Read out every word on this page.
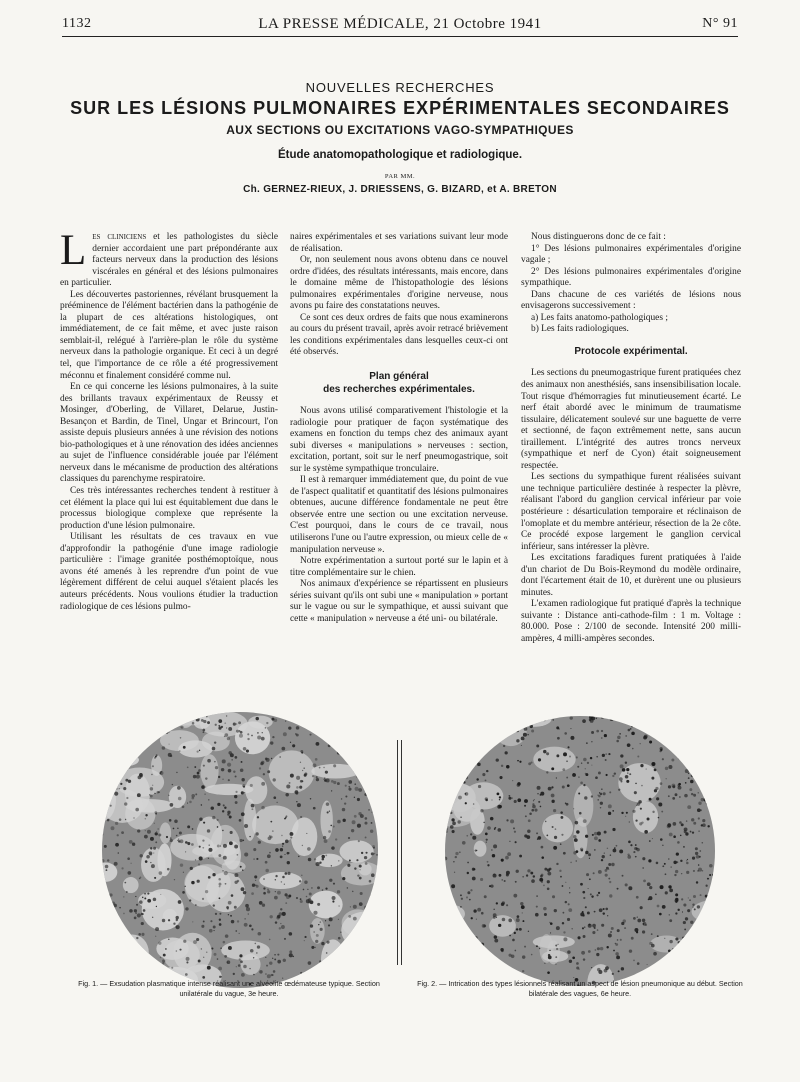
1132	LA PRESSE MÉDICALE, 21 Octobre 1941	N° 91

NOUVELLES RECHERCHES

SUR LES LÉSIONS PULMONAIRES EXPÉRIMENTALES SECONDAIRES

AUX SECTIONS OU EXCITATIONS VAGO-SYMPATHIQUES

Étude anatomopathologique et radiologique.

PAR MM.

Ch. GERNEZ-RIEUX, J. DRIESSENS, G. BIZARD, et A. BRETON

Les cliniciens et les pathologistes du siècle dernier accordaient une part prépondérante aux facteurs nerveux dans la production des lésions viscérales en général et des lésions pulmonaires en particulier.

Les découvertes pastoriennes, révélant brusquement la prééminence de l'élément bactérien dans la pathogénie de la plupart de ces altérations histologiques, ont immédiatement, de ce fait même, et avec juste raison semblait-il, relégué à l'arrière-plan le rôle du système nerveux dans la pathologie organique. Et ceci à un degré tel, que l'importance de ce rôle a été progressivement méconnu et finalement considéré comme nul.

En ce qui concerne les lésions pulmonaires, à la suite des brillants travaux expérimentaux de Reussy et Mosinger, d'Oberling, de Villaret, Delarue, Justin-Besançon et Bardin, de Tinel, Ungar et Brincourt, l'on assiste depuis plusieurs années à une révision des notions bio-pathologiques et à une rénovation des idées anciennes au sujet de l'influence considérable jouée par l'élément nerveux dans le mécanisme de production des altérations classiques du parenchyme respiratoire.

Ces très intéressantes recherches tendent à restituer à cet élément la place qui lui est équitablement due dans le processus biologique complexe que représente la production d'une lésion pulmonaire.

Utilisant les résultats de ces travaux en vue d'approfondir la pathogénie d'une image radiologie particulière : l'image granitée posthémoptoïque, nous avons été amenés à les reprendre d'un point de vue légèrement différent de celui auquel s'étaient placés les auteurs précédents. Nous voulions étudier la traduction radiologique de ces lésions pulmo-

naires expérimentales et ses variations suivant leur mode de réalisation.

Or, non seulement nous avons obtenu dans ce nouvel ordre d'idées, des résultats intéressants, mais encore, dans le domaine même de l'histopathologie des lésions pulmonaires expérimentales d'origine nerveuse, nous avons pu faire des constatations neuves.

Ce sont ces deux ordres de faits que nous examinerons au cours du présent travail, après avoir retracé brièvement les conditions expérimentales dans lesquelles ceux-ci ont été observés.

Plan général
des recherches expérimentales.

Nous avons utilisé comparativement l'histologie et la radiologie pour pratiquer de façon systématique des examens en fonction du temps chez des animaux ayant subi diverses « manipulations » nerveuses : section, excitation, portant, soit sur le nerf pneumogastrique, soit sur le système sympathique tronculaire.

Il est à remarquer immédiatement que, du point de vue de l'aspect qualitatif et quantitatif des lésions pulmonaires obtenues, aucune différence fondamentale ne peut être observée entre une section ou une excitation nerveuse. C'est pourquoi, dans le cours de ce travail, nous utiliserons l'une ou l'autre expression, ou mieux celle de « manipulation nerveuse ».

Notre expérimentation a surtout porté sur le lapin et à titre complémentaire sur le chien.

Nos animaux d'expérience se répartissent en plusieurs séries suivant qu'ils ont subi une « manipulation » portant sur le vague ou sur le sympathique, et aussi suivant que cette « manipulation » nerveuse a été uni- ou bilatérale.

Nous distinguerons donc de ce fait :

1° Des lésions pulmonaires expérimentales d'origine vagale ;

2° Des lésions pulmonaires expérimentales d'origine sympathique.

Dans chacune de ces variétés de lésions nous envisagerons successivement :

a) Les faits anatomo-pathologiques ;

b) Les faits radiologiques.

Protocole expérimental.

Les sections du pneumogastrique furent pratiquées chez des animaux non anesthésiés, sans insensibilisation locale. Tout risque d'hémorragies fut minutieusement écarté. Le nerf était abordé avec le minimum de traumatisme tissulaire, délicatement soulevé sur une baguette de verre et sectionné, de façon extrêmement nette, sans aucun tiraillement. L'intégrité des autres troncs nerveux (sympathique et nerf de Cyon) était soigneusement respectée.

Les sections du sympathique furent réalisées suivant une technique particulière destinée à respecter la plèvre, réalisant l'abord du ganglion cervical inférieur par voie postérieure : désarticulation temporaire et réclinaison de l'omoplate et du membre antérieur, résection de la 2e côte. Ce procédé expose largement le ganglion cervical inférieur, sans intéresser la plèvre.

Les excitations faradiques furent pratiquées à l'aide d'un chariot de Du Bois-Reymond du modèle ordinaire, dont l'écartement était de 10, et durèrent une ou plusieurs minutes.

L'examen radiologique fut pratiqué d'après la technique suivante : Distance anti-cathode-film : 1 m. Voltage : 80.000. Pose : 2/100 de seconde. Intensité 200 milli-ampères, 4 milli-ampères secondes.

Fig. 1. — Exsudation plasmatique intense réalisant une alvéolite œdémateuse typique. Section unilatérale du vague, 3e heure.
Fig. 2. — Intrication des types lésionnels réalisant un aspect de lésion pneumonique au début. Section bilatérale des vagues, 6e heure.
